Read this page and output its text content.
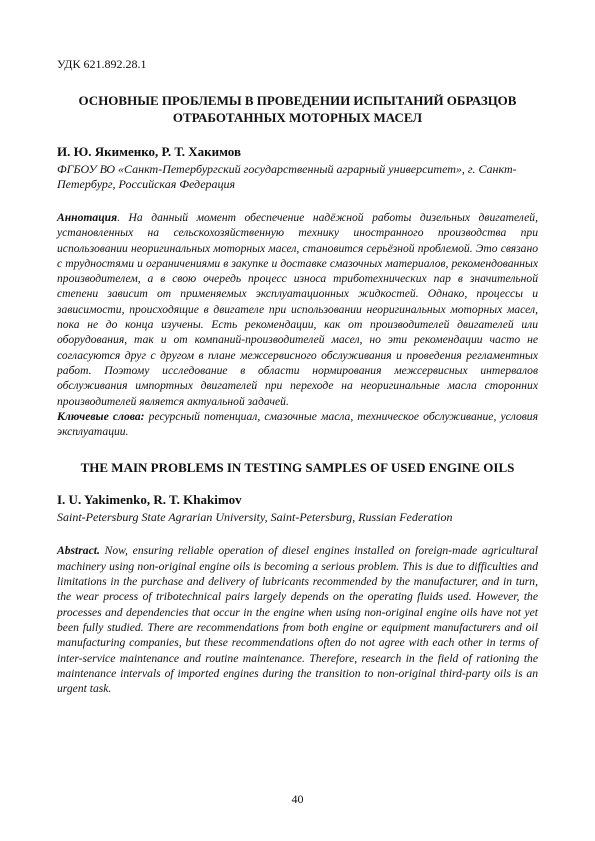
УДК 621.892.28.1
ОСНОВНЫЕ ПРОБЛЕМЫ В ПРОВЕДЕНИИ ИСПЫТАНИЙ ОБРАЗЦОВ ОТРАБОТАННЫХ МОТОРНЫХ МАСЕЛ

И. Ю. Якименко, Р. Т. Хакимов

ФГБОУ ВО «Санкт-Петербургский государственный аграрный университет», г. Санкт-Петербург, Российская Федерация

Аннотация. На данный момент обеспечение надёжной работы дизельных двигателей, установленных на сельскохозяйственную технику иностранного производства при использовании неоригинальных моторных масел, становится серьёзной проблемой. Это связано с трудностями и ограничениями в закупке и доставке смазочных материалов, рекомендованных производителем, а в свою очередь процесс износа триботехнических пар в значительной степени зависит от применяемых эксплуатационных жидкостей. Однако, процессы и зависимости, происходящие в двигателе при использовании неоригинальных моторных масел, пока не до конца изучены. Есть рекомендации, как от производителей двигателей или оборудования, так и от компаний-производителей масел, но эти рекомендации часто не согласуются друг с другом в плане межсервисного обслуживания и проведения регламентных работ. Поэтому исследование в области нормирования межсервисных интервалов обслуживания импортных двигателей при переходе на неоригинальные масла сторонних производителей является актуальной задачей.

Ключевые слова: ресурсный потенциал, смазочные масла, техническое обслуживание, условия эксплуатации.

THE MAIN PROBLEMS IN TESTING SAMPLES OF USED ENGINE OILS

I. U. Yakimenko, R. T. Khakimov

Saint-Petersburg State Agrarian University, Saint-Petersburg, Russian Federation

Abstract. Now, ensuring reliable operation of diesel engines installed on foreign-made agricultural machinery using non-original engine oils is becoming a serious problem. This is due to difficulties and limitations in the purchase and delivery of lubricants recommended by the manufacturer, and in turn, the wear process of tribotechnical pairs largely depends on the operating fluids used. However, the processes and dependencies that occur in the engine when using non-original engine oils have not yet been fully studied. There are recommendations from both engine or equipment manufacturers and oil manufacturing companies, but these recommendations often do not agree with each other in terms of inter-service maintenance and routine maintenance. Therefore, research in the field of rationing the maintenance intervals of imported engines during the transition to non-original third-party oils is an urgent task.

40
